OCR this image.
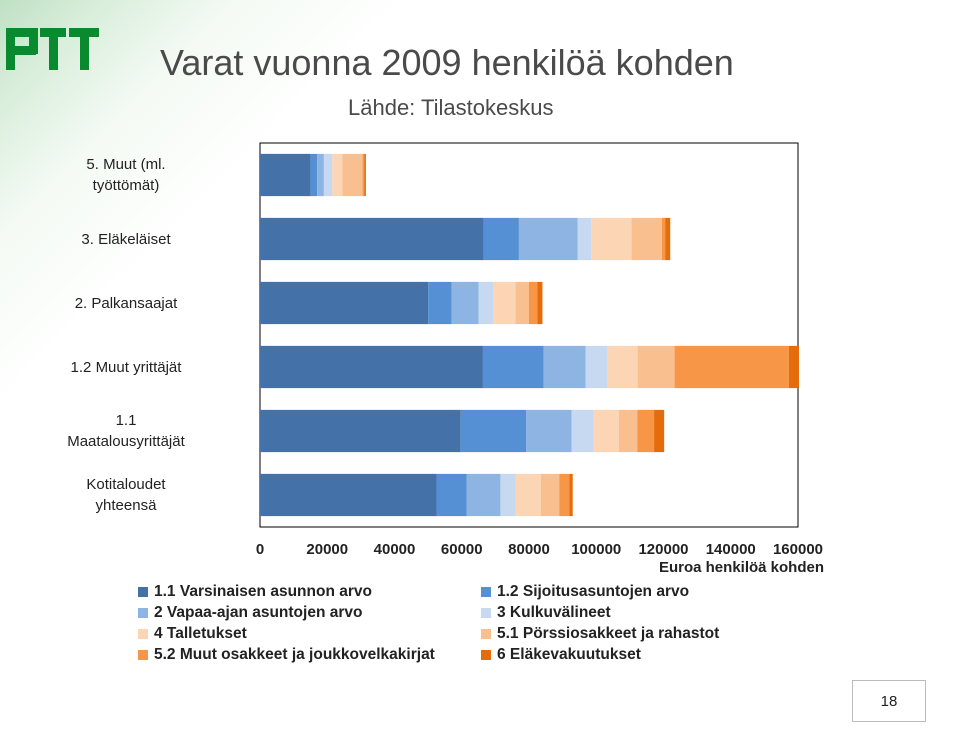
Varat vuonna 2009 henkilöä kohden
Lähde: Tilastokeskus
0	20000 40000 60000 80000 100000 120000 140000 160000
Euroa henkilöä kohden
5. Muut (ml.
työttömät)
3. Eläkeläiset
2. Palkansaajat
1.2 Muut yrittäjät
1.1
Maatalousyrittäjät
Kotitaloudet
yhteensä
1.1 Varsinaisen asunnon arvo	1.2 Sijoitusasuntojen arvo
2 Vapaa-ajan asuntojen arvo	3 Kulkuvälineet
4 Talletukset	5.1 Pörssiosakkeet ja rahastot
5.2 Muut osakkeet ja joukkovelkakirjat	6 Eläkevakuutukset
18
